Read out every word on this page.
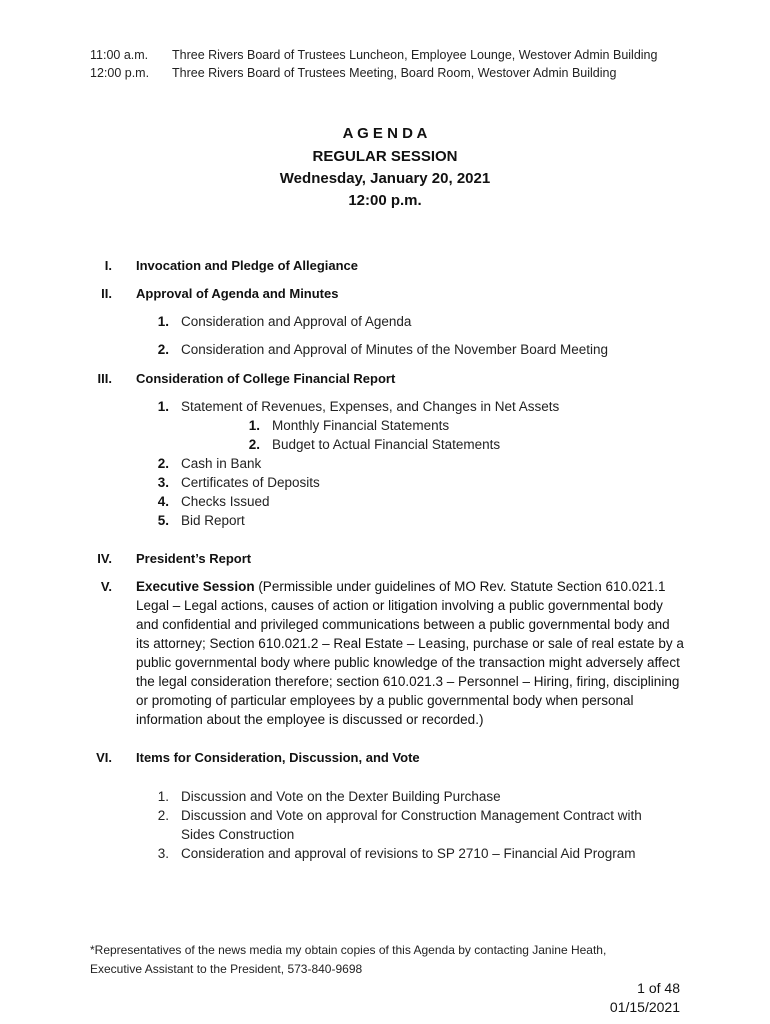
11:00 a.m. Three Rivers Board of Trustees Luncheon, Employee Lounge, Westover Admin Building
12:00 p.m. Three Rivers Board of Trustees Meeting, Board Room, Westover Admin Building
A G E N D A
REGULAR SESSION
Wednesday, January 20, 2021
12:00 p.m.
I. Invocation and Pledge of Allegiance
II. Approval of Agenda and Minutes
1. Consideration and Approval of Agenda
2. Consideration and Approval of Minutes of the November Board Meeting
III. Consideration of College Financial Report
1. Statement of Revenues, Expenses, and Changes in Net Assets
1. Monthly Financial Statements
2. Budget to Actual Financial Statements
2. Cash in Bank
3. Certificates of Deposits
4. Checks Issued
5. Bid Report
IV. President’s Report
V. Executive Session (Permissible under guidelines of MO Rev. Statute Section 610.021.1 Legal – Legal actions, causes of action or litigation involving a public governmental body and confidential and privileged communications between a public governmental body and its attorney; Section 610.021.2 – Real Estate – Leasing, purchase or sale of real estate by a public governmental body where public knowledge of the transaction might adversely affect the legal consideration therefore; section 610.021.3 – Personnel – Hiring, firing, disciplining or promoting of particular employees by a public governmental body when personal information about the employee is discussed or recorded.)
VI. Items for Consideration, Discussion, and Vote
1. Discussion and Vote on the Dexter Building Purchase
2. Discussion and Vote on approval for Construction Management Contract with
Sides Construction
3. Consideration and approval of revisions to SP 2710 – Financial Aid Program
*Representatives of the news media my obtain copies of this Agenda by contacting Janine Heath,
Executive Assistant to the President, 573-840-9698
1 of 48
01/15/2021
